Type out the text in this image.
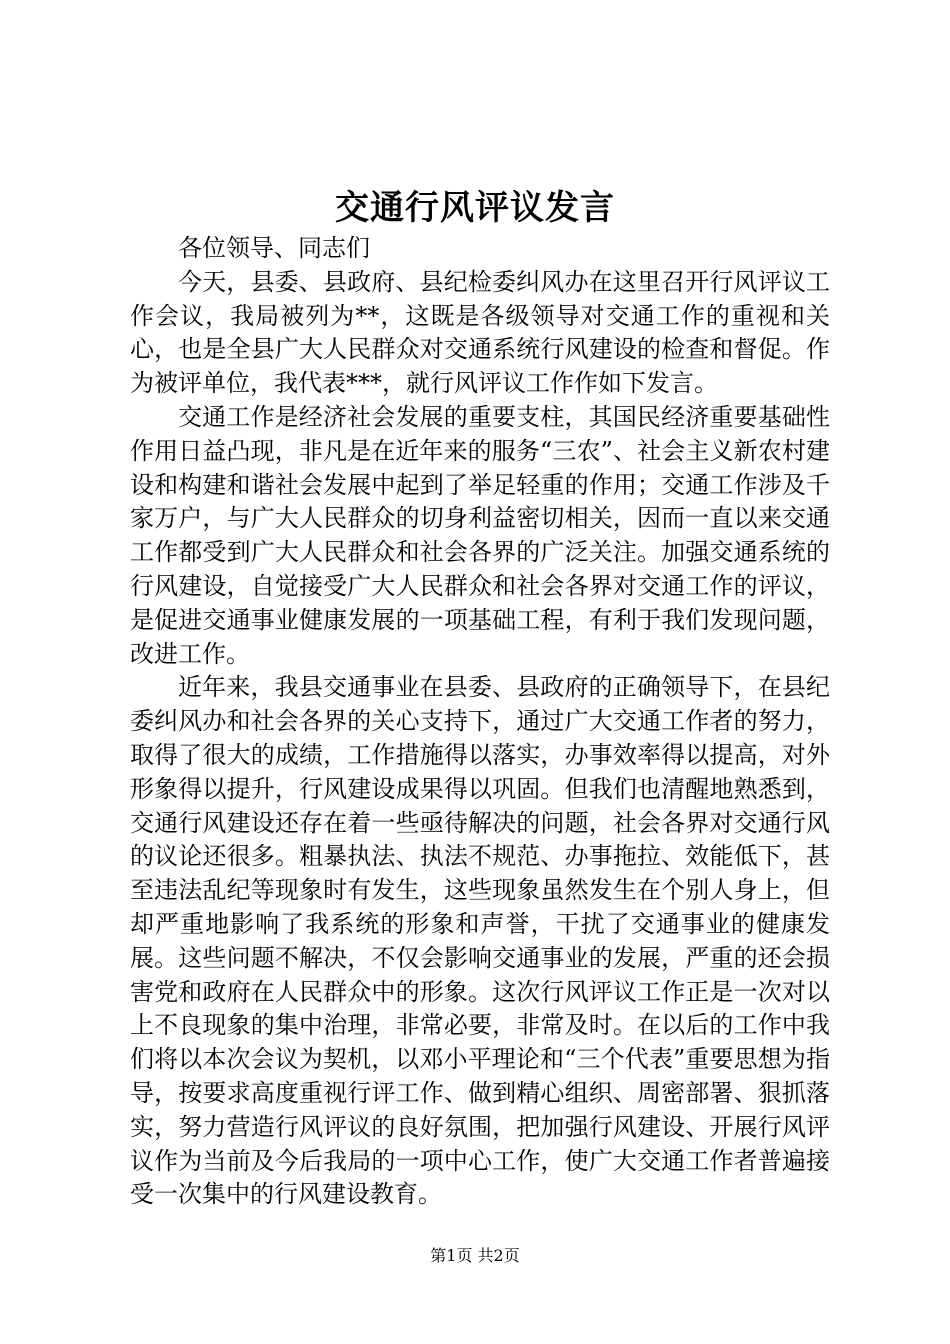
交通行风评议发言

各位领导、同志们

今天，县委、县政府、县纪检委纠风办在这里召开行风评议工作会议，我局被列为**，这既是各级领导对交通工作的重视和关心，也是全县广大人民群众对交通系统行风建设的检查和督促。作为被评单位，我代表***，就行风评议工作作如下发言。

交通工作是经济社会发展的重要支柱，其国民经济重要基础性作用日益凸现，非凡是在近年来的服务“三农”、社会主义新农村建设和构建和谐社会发展中起到了举足轻重的作用；交通工作涉及千家万户，与广大人民群众的切身利益密切相关，因而一直以来交通工作都受到广大人民群众和社会各界的广泛关注。加强交通系统的行风建设，自觉接受广大人民群众和社会各界对交通工作的评议，是促进交通事业健康发展的一项基础工程，有利于我们发现问题，改进工作。

近年来，我县交通事业在县委、县政府的正确领导下，在县纪委纠风办和社会各界的关心支持下，通过广大交通工作者的努力，取得了很大的成绩，工作措施得以落实，办事效率得以提高，对外形象得以提升，行风建设成果得以巩固。但我们也清醒地熟悉到，交通行风建设还存在着一些亟待解决的问题，社会各界对交通行风的议论还很多。粗暴执法、执法不规范、办事拖拉、效能低下，甚至违法乱纪等现象时有发生，这些现象虽然发生在个别人身上，但却严重地影响了我系统的形象和声誉，干扰了交通事业的健康发展。这些问题不解决，不仅会影响交通事业的发展，严重的还会损害党和政府在人民群众中的形象。这次行风评议工作正是一次对以上不良现象的集中治理，非常必要，非常及时。在以后的工作中我们将以本次会议为契机，以邓小平理论和“三个代表”重要思想为指导，按要求高度重视行评工作、做到精心组织、周密部署、狠抓落实，努力营造行风评议的良好氛围，把加强行风建设、开展行风评议作为当前及今后我局的一项中心工作，使广大交通工作者普遍接受一次集中的行风建设教育。

第1页 共2页
